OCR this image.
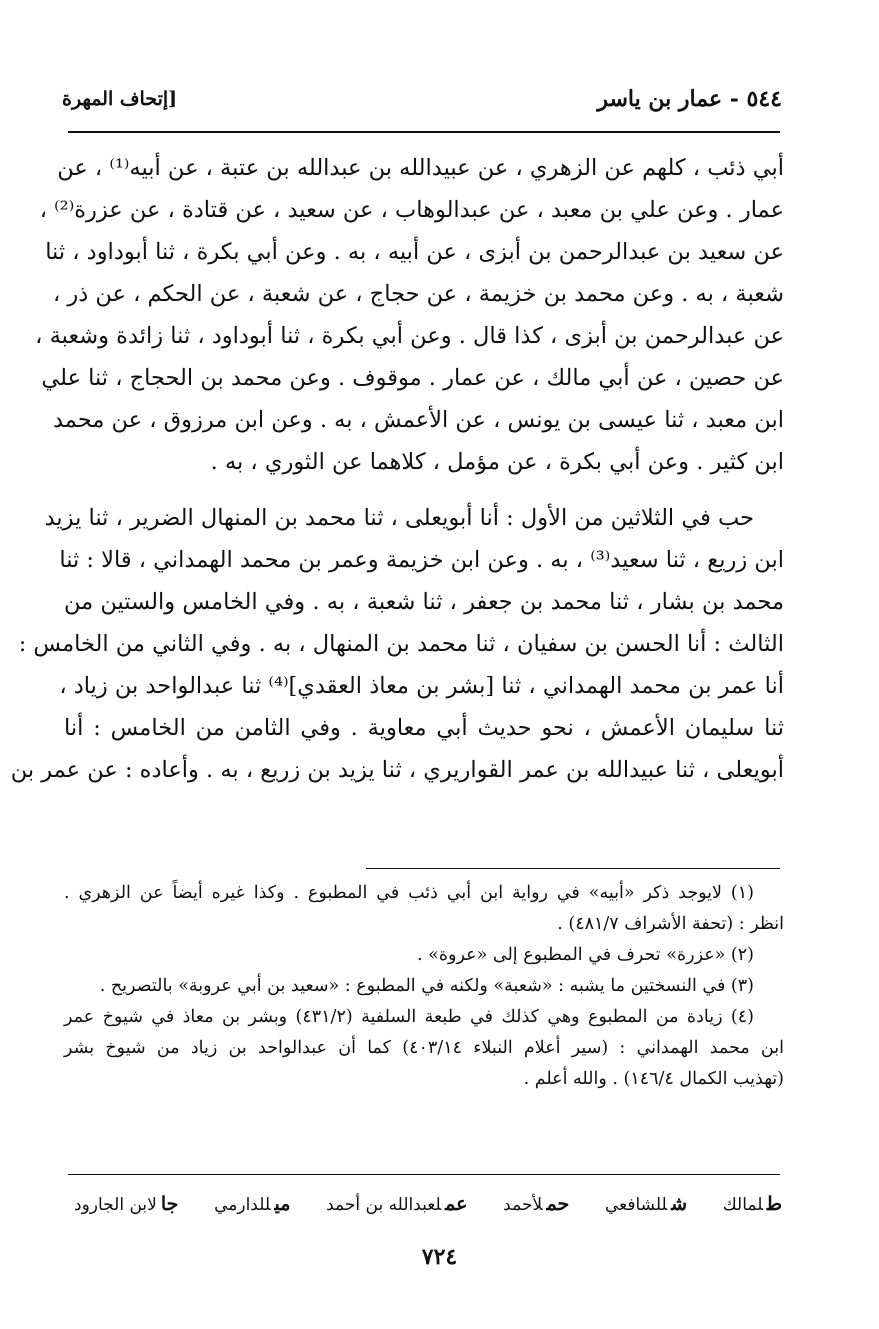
٥٤٤ - عمار بن ياسر
[إتحاف المهرة
أبي ذئب ، كلهم عن الزهري ، عن عبيدالله بن عبدالله بن عتبة ، عن أبيه⁽¹⁾ ، عن
عمار . وعن علي بن معبد ، عن عبدالوهاب ، عن سعيد ، عن قتادة ، عن عزرة⁽²⁾ ،
عن سعيد بن عبدالرحمن بن أبزى ، عن أبيه ، به . وعن أبي بكرة ، ثنا أبوداود ، ثنا
شعبة ، به . وعن محمد بن خزيمة ، عن حجاج ، عن شعبة ، عن الحكم ، عن ذر ،
عن عبدالرحمن بن أبزى ، كذا قال . وعن أبي بكرة ، ثنا أبوداود ، ثنا زائدة وشعبة ،
عن حصين ، عن أبي مالك ، عن عمار . موقوف . وعن محمد بن الحجاج ، ثنا علي
ابن معبد ، ثنا عيسى بن يونس ، عن الأعمش ، به . وعن ابن مرزوق ، عن محمد
ابن كثير . وعن أبي بكرة ، عن مؤمل ، كلاهما عن الثوري ، به .
حب في الثلاثين من الأول : أنا أبويعلى ، ثنا محمد بن المنهال الضرير ، ثنا يزيد
ابن زريع ، ثنا سعيد⁽³⁾ ، به . وعن ابن خزيمة وعمر بن محمد الهمداني ، قالا : ثنا
محمد بن بشار ، ثنا محمد بن جعفر ، ثنا شعبة ، به . وفي الخامس والستين من
الثالث : أنا الحسن بن سفيان ، ثنا محمد بن المنهال ، به . وفي الثاني من الخامس :
أنا عمر بن محمد الهمداني ، ثنا [بشر بن معاذ العقدي]⁽⁴⁾ ثنا عبدالواحد بن زياد ،
ثنا سليمان الأعمش ، نحو حديث أبي معاوية . وفي الثامن من الخامس : أنا
أبويعلى ، ثنا عبيدالله بن عمر القواريري ، ثنا يزيد بن زريع ، به . وأعاده : عن عمر بن
(١) لايوجد ذكر «أبيه» في رواية ابن أبي ذئب في المطبوع . وكذا غيره أيضاً عن الزهري .
انظر : (تحفة الأشراف ٤٨١/٧) .
(٢) «عزرة» تحرف في المطبوع إلى «عروة» .
(٣) في النسختين ما يشبه : «شعبة» ولكنه في المطبوع : «سعيد بن أبي عروبة» بالتصريح .
(٤) زيادة من المطبوع وهي كذلك في طبعة السلفية (٤٣١/٢) وبشر بن معاذ في شيوخ عمر
ابن محمد الهمداني : (سير أعلام النبلاء ٤٠٣/١٤) كما أن عبدالواحد بن زياد من شيوخ بشر
(تهذيب الكمال ١٤٦/٤) . والله أعلم .
طلمالك
شللشافعي
حملأحمد
عملعبدالله بن أحمد
ميللدارمي
جالابن الجارود
٧٢٤
